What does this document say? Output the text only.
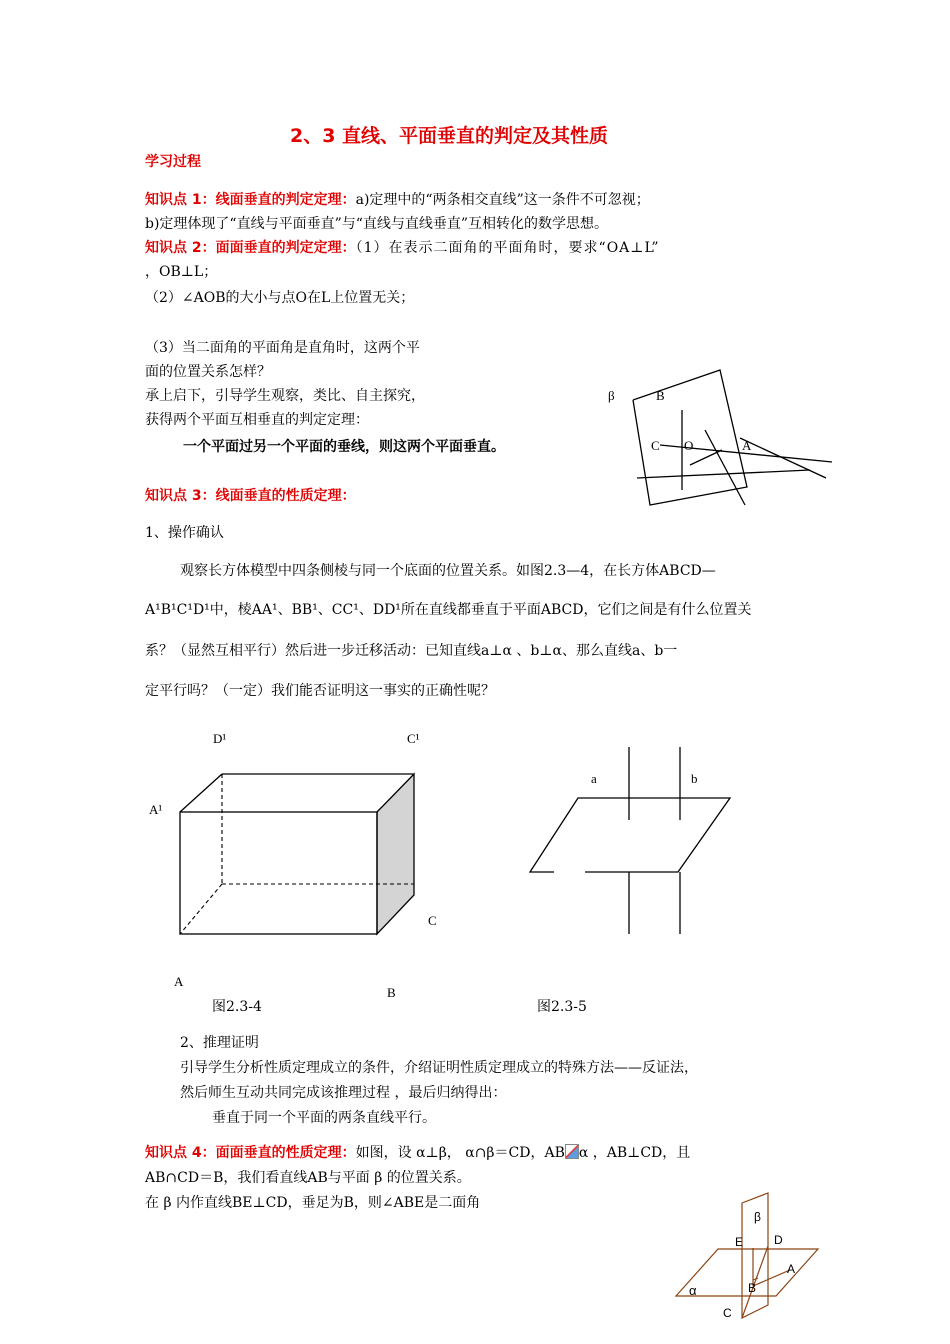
2、3 直线、平面垂直的判定及其性质
学习过程
知识点 1：线面垂直的判定定理：a)定理中的“两条相交直线”这一条件不可忽视；
b)定理体现了“直线与平面垂直”与“直线与直线垂直”互相转化的数学思想。
知识点 2：面面垂直的判定定理：（1）在表示二面角的平面角时，要求“OA⊥L”
，OB⊥L；
（2）∠AOB的大小与点O在L上位置无关；
（3）当二面角的平面角是直角时，这两个平
面的位置关系怎样？
承上启下，引导学生观察，类比、自主探究，
获得两个平面互相垂直的判定定理：
一个平面过另一个平面的垂线，则这两个平面垂直。
β	B
C O	A
知识点 3：线面垂直的性质定理：
1、操作确认
观察长方体模型中四条侧棱与同一个底面的位置关系。如图2.3—4，在长方体ABCD—
A¹B¹C¹D¹中，棱AA¹、BB¹、CC¹、DD¹所在直线都垂直于平面ABCD，它们之间是有什么位置关
系？（显然互相平行）然后进一步迁移活动：已知直线a⊥α 、b⊥α、那么直线a、b一
定平行吗？（一定）我们能否证明这一事实的正确性呢？
D¹	C¹
A¹
C
A
B
图2.3-4
a	b
图2.3-5
2、推理证明
引导学生分析性质定理成立的条件，介绍证明性质定理成立的特殊方法——反证法，
然后师生互动共同完成该推理过程 ，最后归纳得出：
垂直于同一个平面的两条直线平行。
知识点 4：面面垂直的性质定理：如图，设 α⊥β， α∩β＝CD，AB α ，AB⊥CD，且
AB∩CD＝B，我们看直线AB与平面 β 的位置关系。
在 β 内作直线BE⊥CD，垂足为B，则∠ABE是二面角
β
E	D
A
B
α
C
